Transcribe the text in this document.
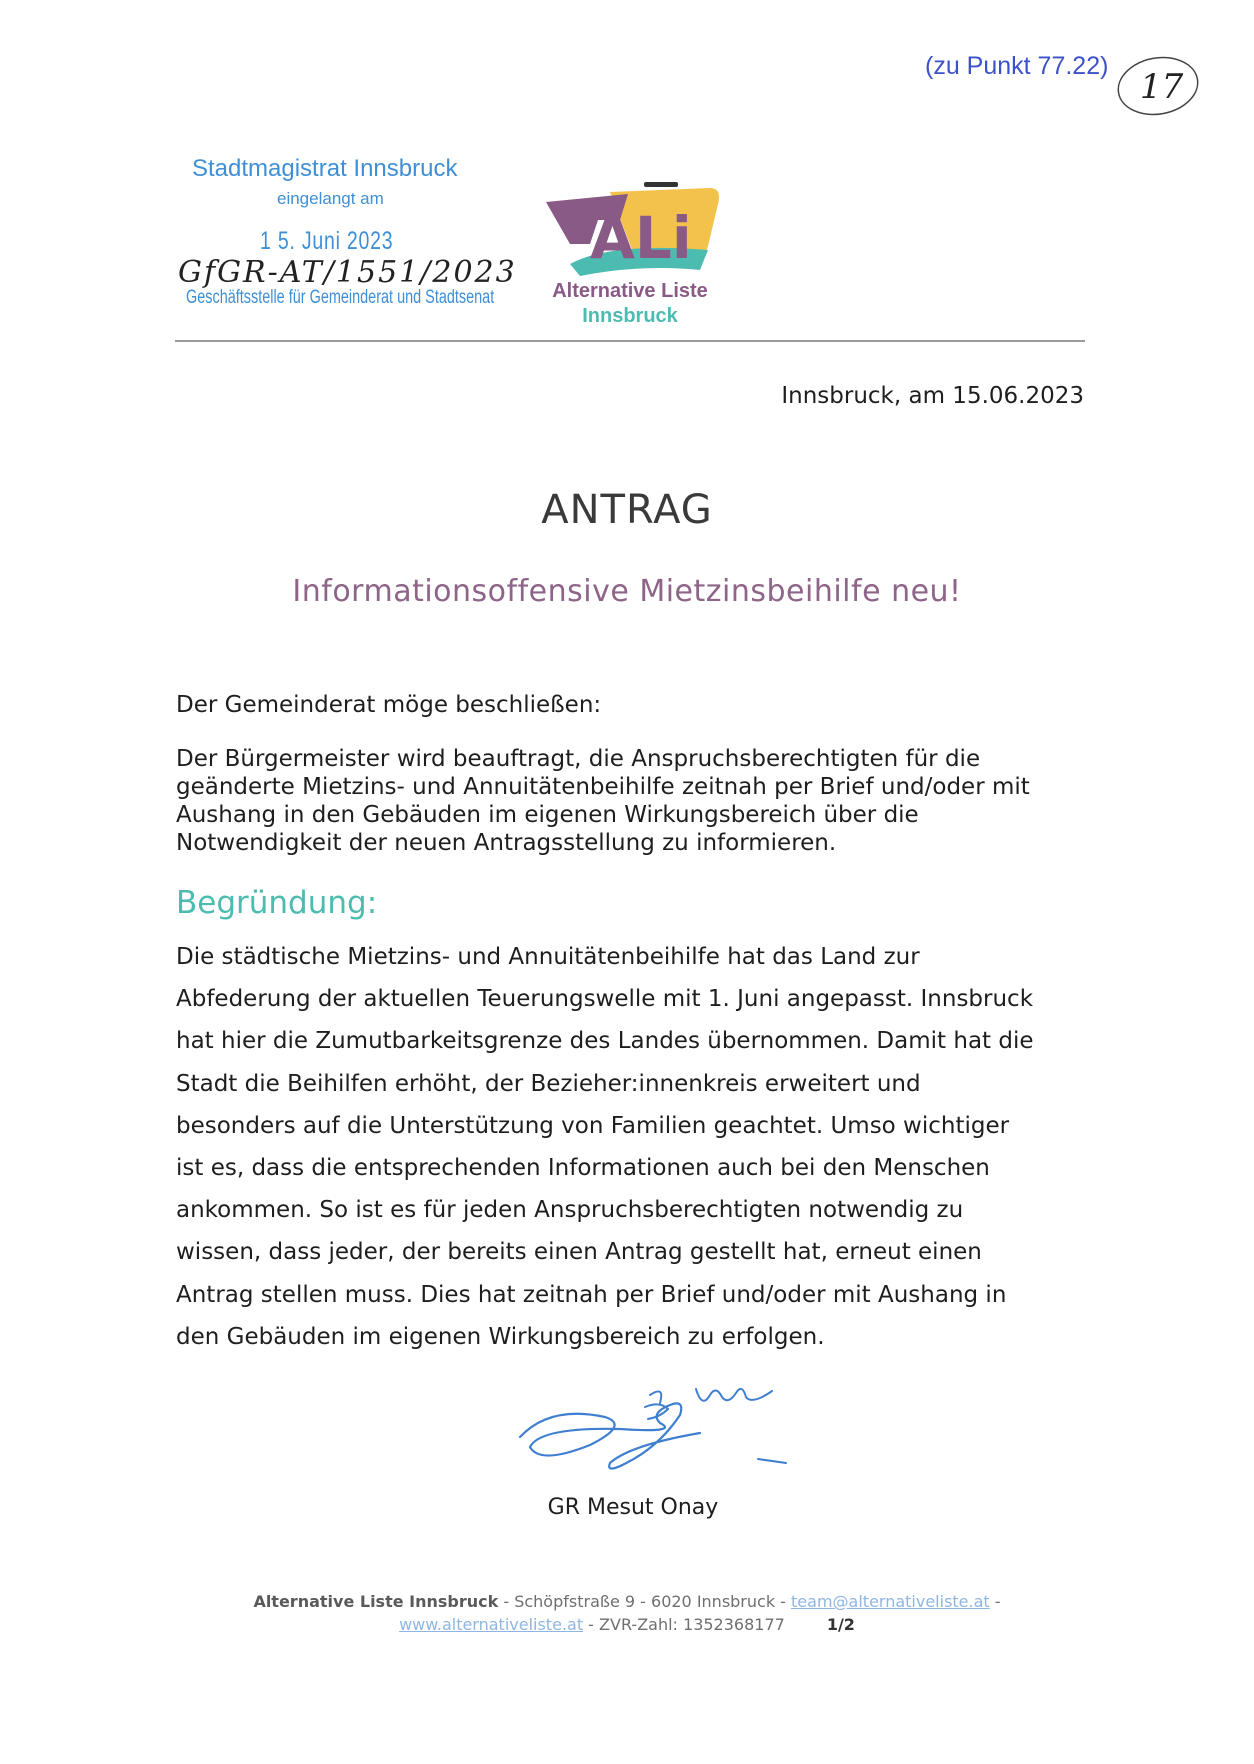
(zu Punkt 77.22)
17
Stadtmagistrat Innsbruck
eingelangt am
1 5. Juni 2023
GfGR-AT/1551/2023
Geschäftsstelle für Gemeinderat und Stadtsenat
ALi
Alternative Liste
Innsbruck
Innsbruck, am 15.06.2023
ANTRAG
Informationsoffensive Mietzinsbeihilfe neu!
Der Gemeinderat möge beschließen:
Der Bürgermeister wird beauftragt, die Anspruchsberechtigten für die
geänderte Mietzins- und Annuitätenbeihilfe zeitnah per Brief und/oder mit
Aushang in den Gebäuden im eigenen Wirkungsbereich über die
Notwendigkeit der neuen Antragsstellung zu informieren.
Begründung:
Die städtische Mietzins- und Annuitätenbeihilfe hat das Land zur
Abfederung der aktuellen Teuerungswelle mit 1. Juni angepasst. Innsbruck
hat hier die Zumutbarkeitsgrenze des Landes übernommen. Damit hat die
Stadt die Beihilfen erhöht, der Bezieher:innenkreis erweitert und
besonders auf die Unterstützung von Familien geachtet. Umso wichtiger
ist es, dass die entsprechenden Informationen auch bei den Menschen
ankommen. So ist es für jeden Anspruchsberechtigten notwendig zu
wissen, dass jeder, der bereits einen Antrag gestellt hat, erneut einen
Antrag stellen muss. Dies hat zeitnah per Brief und/oder mit Aushang in
den Gebäuden im eigenen Wirkungsbereich zu erfolgen.
GR Mesut Onay
Alternative Liste Innsbruck - Schöpfstraße 9 - 6020 Innsbruck - team@alternativeliste.at -
www.alternativeliste.at - ZVR-Zahl: 1352368177	1/2
